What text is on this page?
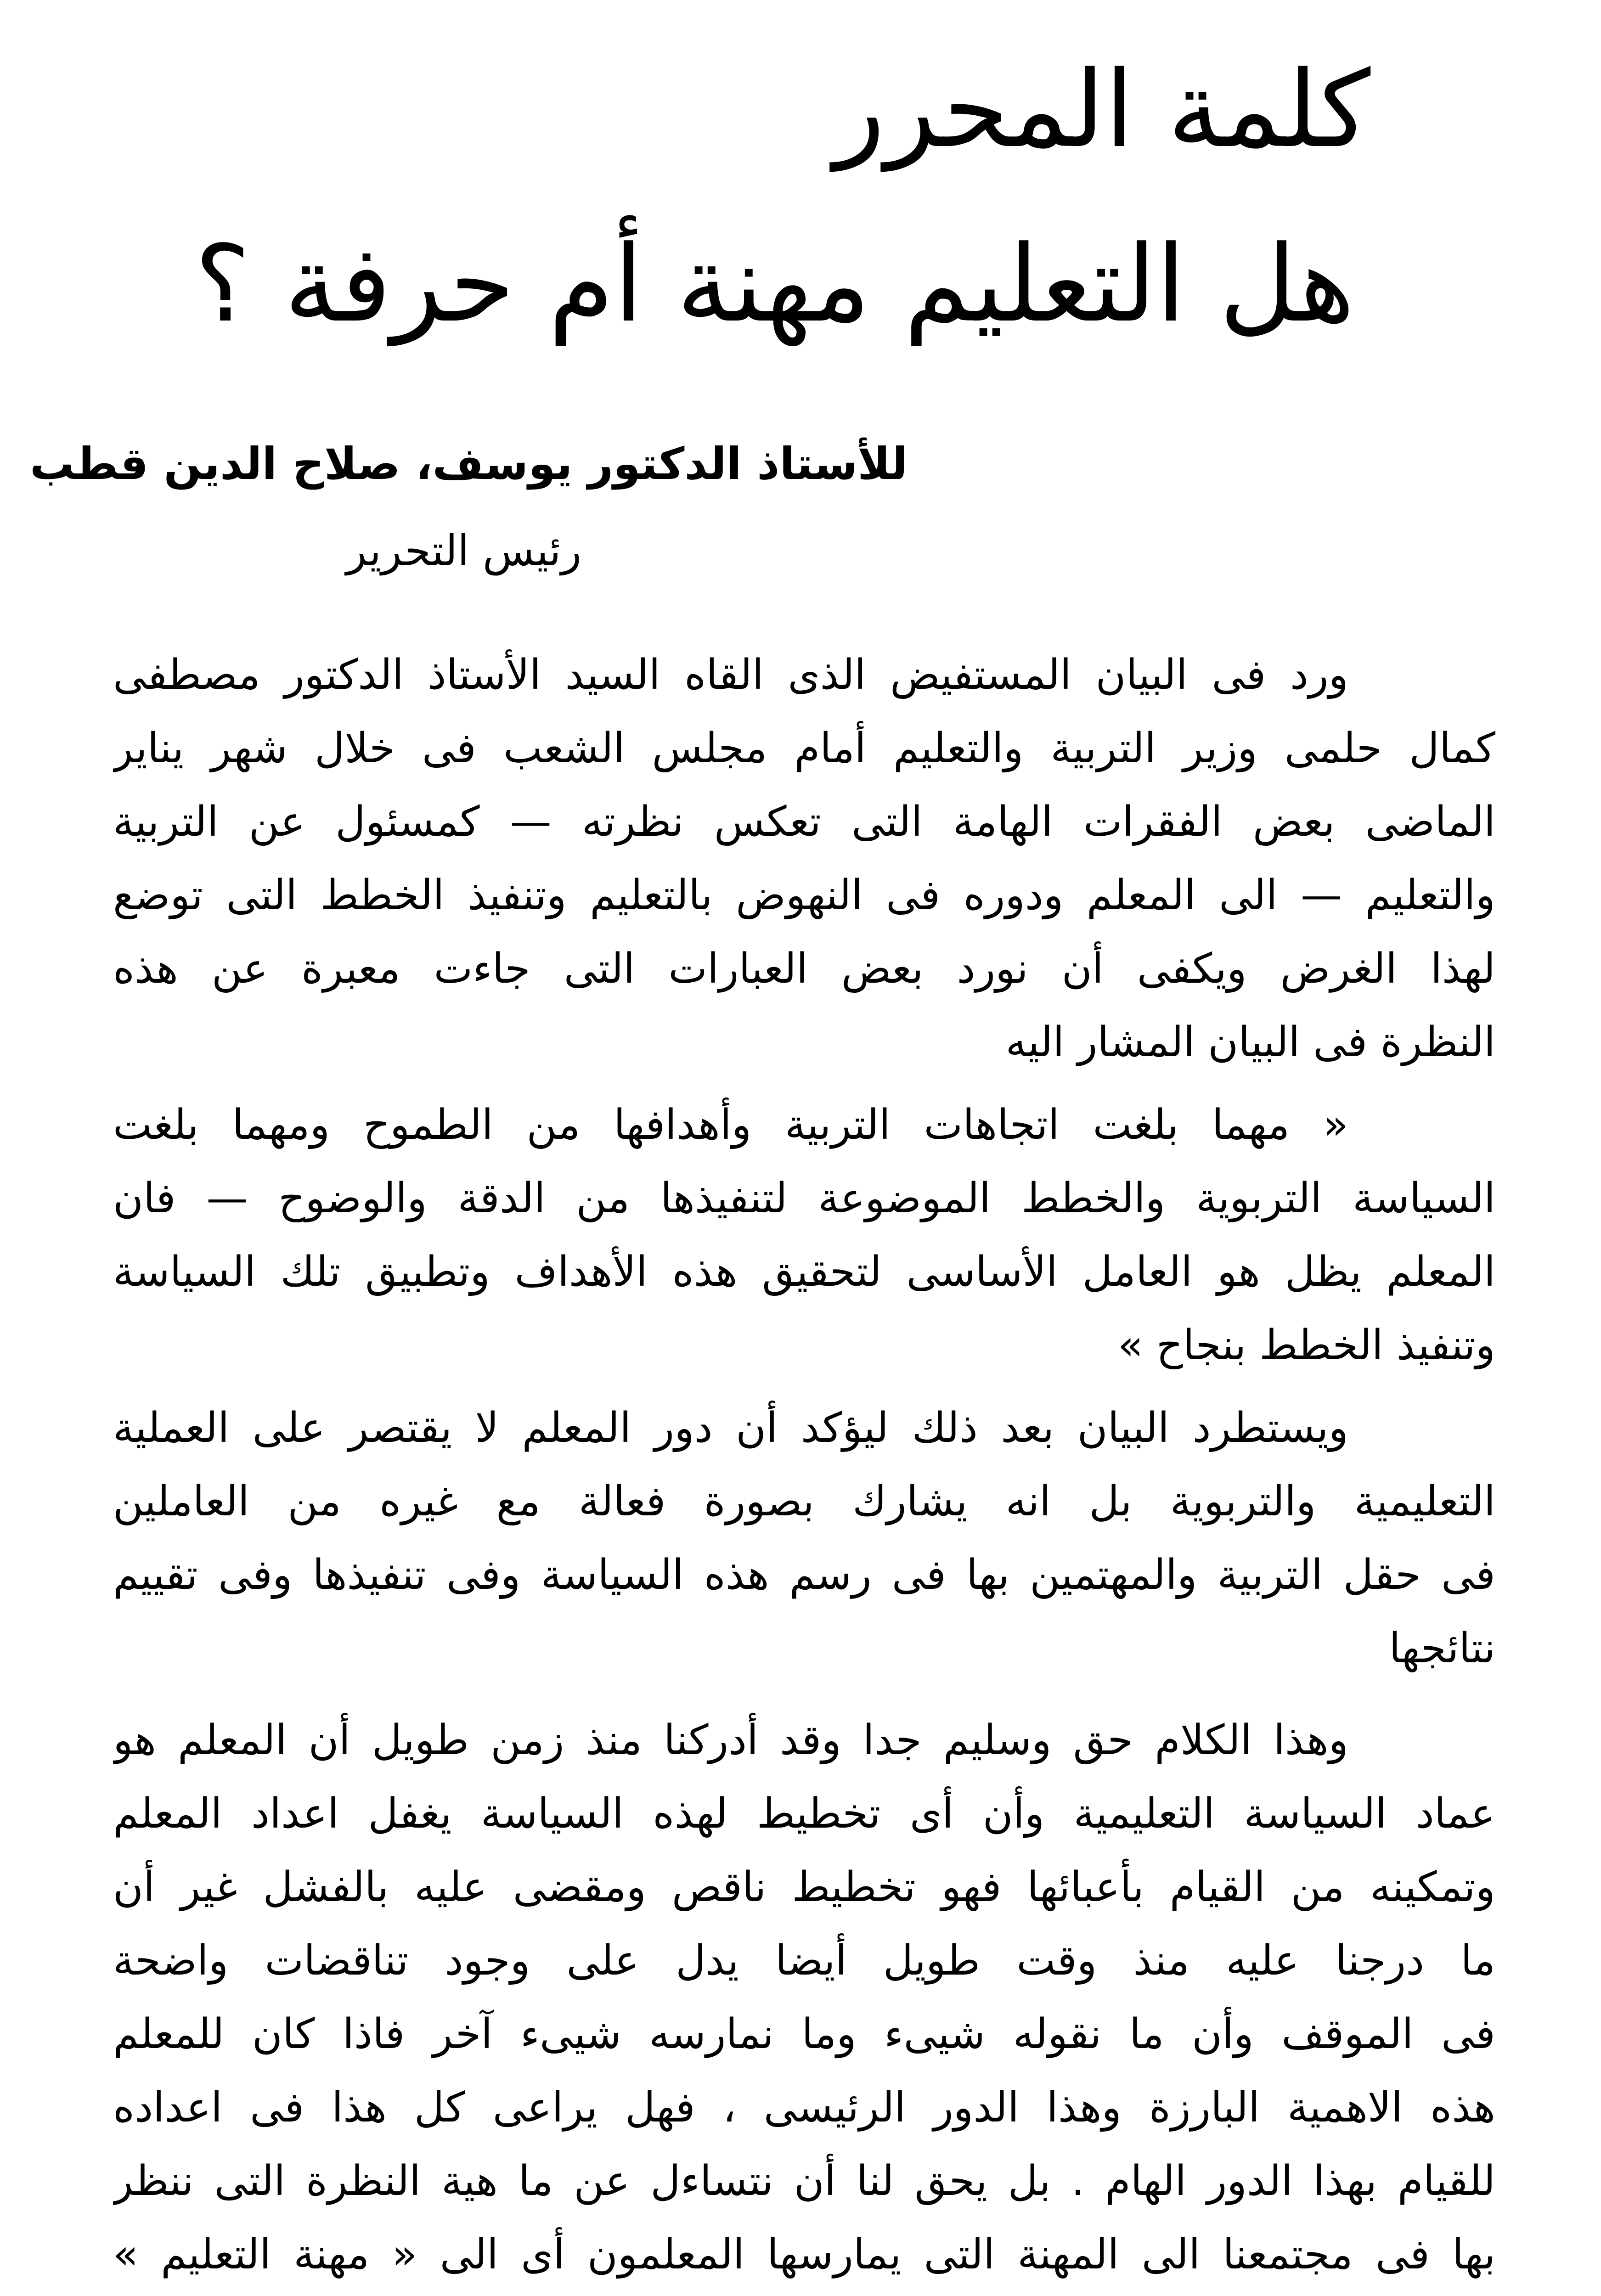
كلمة المحرر
هل التعليم مهنة أم حرفة ؟
للأستاذ الدكتور يوسف، صلاح الدين قطب
رئيس التحرير
ورد فى البيان المستفيض الذى القاه السيد الأستاذ الدكتور مصطفى
كمال حلمى وزير التربية والتعليم أمام مجلس الشعب فى خلال شهر يناير
الماضى بعض الفقرات الهامة التى تعكس نظرته — كمسئول عن التربية
والتعليم — الى المعلم ودوره فى النهوض بالتعليم وتنفيذ الخطط التى توضع
لهذا الغرض ويكفى أن نورد بعض العبارات التى جاءت معبرة عن هذه
النظرة فى البيان المشار اليه
« مهما بلغت اتجاهات التربية وأهدافها من الطموح ومهما بلغت
السياسة التربوية والخطط الموضوعة لتنفيذها من الدقة والوضوح — فان
المعلم يظل هو العامل الأساسى لتحقيق هذه الأهداف وتطبيق تلك السياسة
وتنفيذ الخطط بنجاح »
ويستطرد البيان بعد ذلك ليؤكد أن دور المعلم لا يقتصر على العملية
التعليمية والتربوية بل انه يشارك بصورة فعالة مع غيره من العاملين
فى حقل التربية والمهتمين بها فى رسم هذه السياسة وفى تنفيذها وفى تقييم
نتائجها
وهذا الكلام حق وسليم جدا وقد أدركنا منذ زمن طويل أن المعلم هو
عماد السياسة التعليمية وأن أى تخطيط لهذه السياسة يغفل اعداد المعلم
وتمكينه من القيام بأعبائها فهو تخطيط ناقص ومقضى عليه بالفشل غير أن
ما درجنا عليه منذ وقت طويل أيضا يدل على وجود تناقضات واضحة
فى الموقف وأن ما نقوله شيىء وما نمارسه شيىء آخر فاذا كان للمعلم
هذه الاهمية البارزة وهذا الدور الرئيسى ، فهل يراعى كل هذا فى اعداده
للقيام بهذا الدور الهام . بل يحق لنا أن نتساءل عن ما هية النظرة التى ننظر
بها فى مجتمعنا الى المهنة التى يمارسها المعلمون أى الى « مهنة التعليم »
